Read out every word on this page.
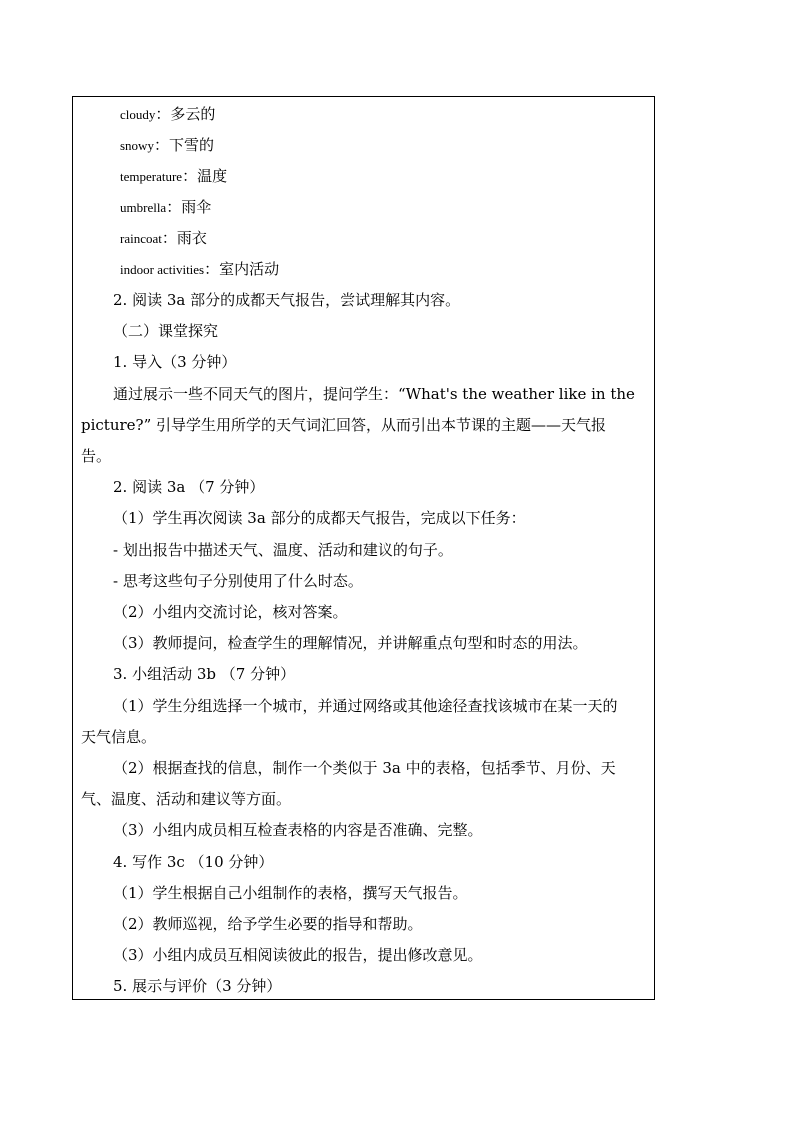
cloudy：多云的
snowy：下雪的
temperature：温度
umbrella：雨伞
raincoat：雨衣
indoor activities：室内活动
2. 阅读 3a 部分的成都天气报告，尝试理解其内容。
（二）课堂探究
1. 导入（3 分钟）
通过展示一些不同天气的图片，提问学生：“What's the weather like in the
picture?” 引导学生用所学的天气词汇回答，从而引出本节课的主题——天气报
告。
2. 阅读 3a （7 分钟）
（1）学生再次阅读 3a 部分的成都天气报告，完成以下任务：
- 划出报告中描述天气、温度、活动和建议的句子。
- 思考这些句子分别使用了什么时态。
（2）小组内交流讨论，核对答案。
（3）教师提问，检查学生的理解情况，并讲解重点句型和时态的用法。
3. 小组活动 3b （7 分钟）
（1）学生分组选择一个城市，并通过网络或其他途径查找该城市在某一天的
天气信息。
（2）根据查找的信息，制作一个类似于 3a 中的表格，包括季节、月份、天
气、温度、活动和建议等方面。
（3）小组内成员相互检查表格的内容是否准确、完整。
4. 写作 3c （10 分钟）
（1）学生根据自己小组制作的表格，撰写天气报告。
（2）教师巡视，给予学生必要的指导和帮助。
（3）小组内成员互相阅读彼此的报告，提出修改意见。
5. 展示与评价（3 分钟）
